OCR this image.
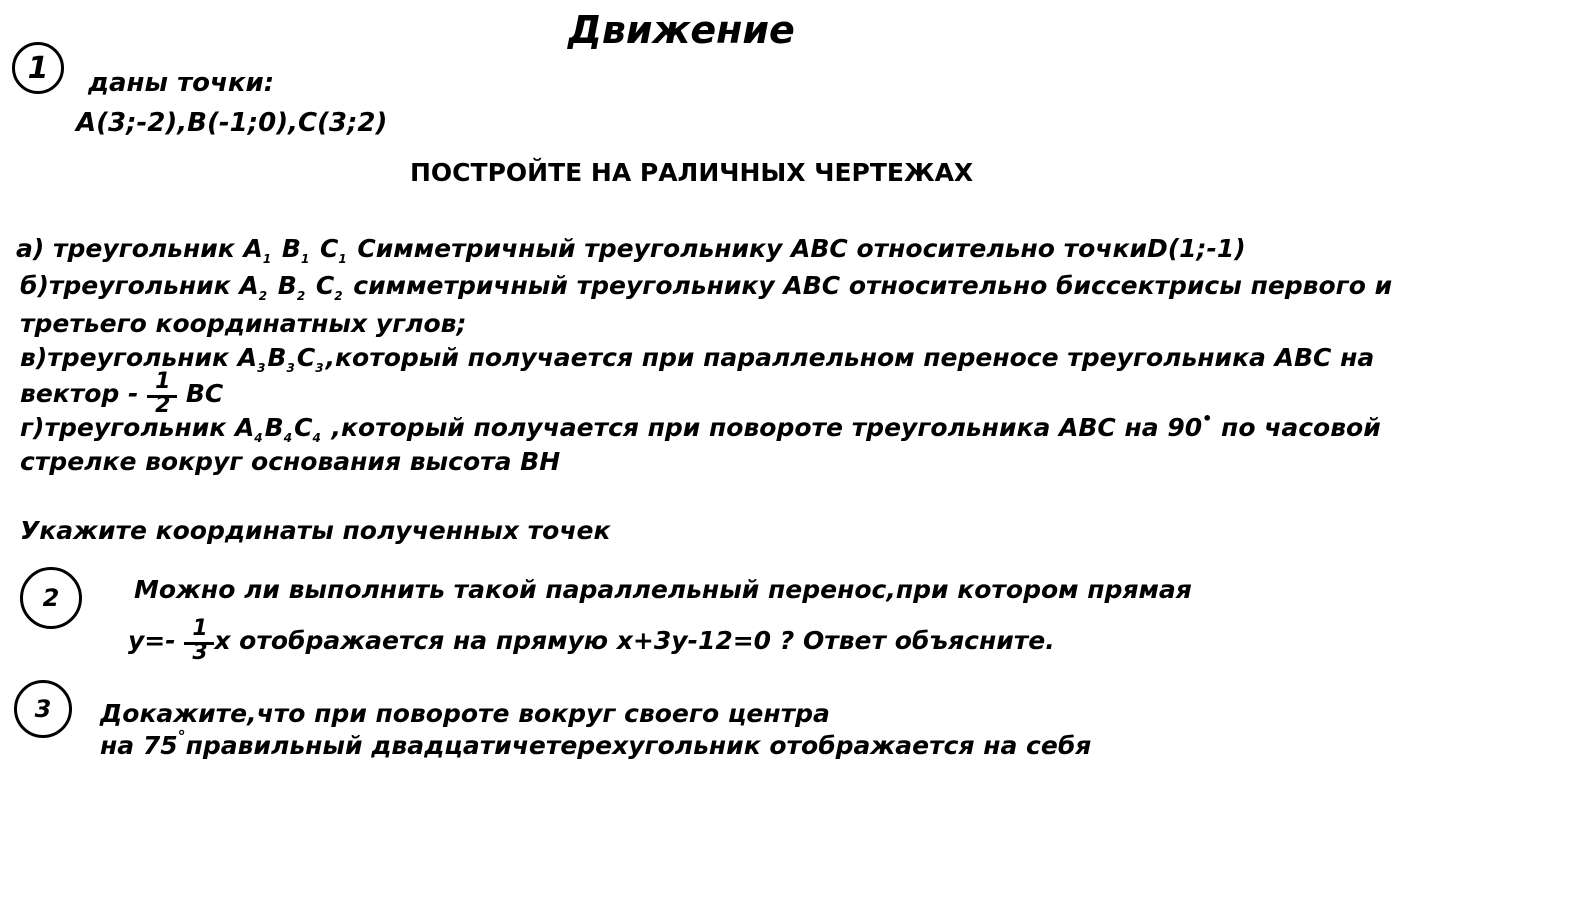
Движение
1 даны точки:
A(3;-2),B(-1;0),C(3;2)
ПОСТРОЙТЕ НА РАЛИЧНЫХ ЧЕРТЕЖАХ
а) треугольник $A_1$ $B_1$ $C_1$ Симметричный треугольнику АВС относительно точкиD(1;-1)
б)треугольник $A_2$ $B_2$ $C_2$ симметричный треугольнику АВС относительно биссектрисы первого и
третьего координатных углов;
в)треугольник $A_3B_3C_3,который$ получается при параллельном переносе треугольника АВС на
вектор - $\frac{1}{2}$ BC
г)треугольник $A_4B_4C_4$ ,который получается при повороте треугольника АВС на 90• по часовой
стрелке вокруг основания высота ВН
Укажите координаты полученных точек
2	Можно ли выполнить такой параллельный перенос,при котором прямая
$y=- \frac{1}{3}$ x отображается на прямую x+3y-12=0 ? Ответ объясните.
3 Докажите,что при повороте вокруг своего центра
на 75°правильный двадцатичетерехугольник отображается на себя
